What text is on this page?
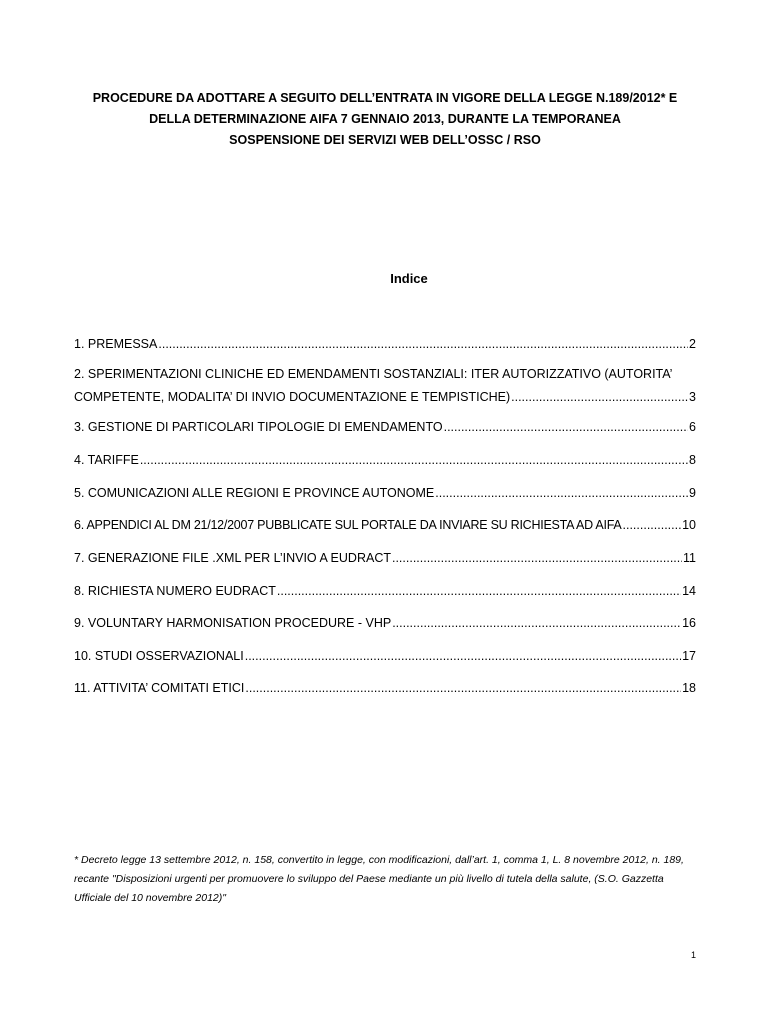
PROCEDURE DA ADOTTARE A SEGUITO DELL’ENTRATA IN VIGORE DELLA LEGGE N.189/2012* E
DELLA DETERMINAZIONE AIFA 7 GENNAIO 2013, DURANTE LA TEMPORANEA
SOSPENSIONE DEI SERVIZI WEB DELL’OSSC / RSO
Indice
1. PREMESSA .....	2
2. SPERIMENTAZIONI CLINICHE ED EMENDAMENTI SOSTANZIALI: ITER AUTORIZZATIVO (AUTORITA’
COMPETENTE, MODALITA’ DI INVIO DOCUMENTAZIONE E TEMPISTICHE) .....	3
3. GESTIONE DI PARTICOLARI TIPOLOGIE DI EMENDAMENTO .....	6
4. TARIFFE .....	8
5. COMUNICAZIONI ALLE REGIONI E PROVINCE AUTONOME .....	9
6. APPENDICI AL DM 21/12/2007 PUBBLICATE SUL PORTALE DA INVIARE SU RICHIESTA AD AIFA .....	10
7. GENERAZIONE FILE .XML PER L’INVIO A EUDRACT .....	11
8. RICHIESTA NUMERO EUDRACT .....	14
9. VOLUNTARY HARMONISATION PROCEDURE - VHP .....	16
10. STUDI OSSERVAZIONALI .....	17
11. ATTIVITA’ COMITATI ETICI .....	18
* Decreto legge 13 settembre 2012, n. 158, convertito in legge, con modificazioni, dall’art. 1, comma 1, L. 8 novembre 2012, n. 189, recante "Disposizioni urgenti per promuovere lo sviluppo del Paese mediante un più livello di tutela della salute, (S.O. Gazzetta Ufficiale del 10 novembre 2012)"
1
